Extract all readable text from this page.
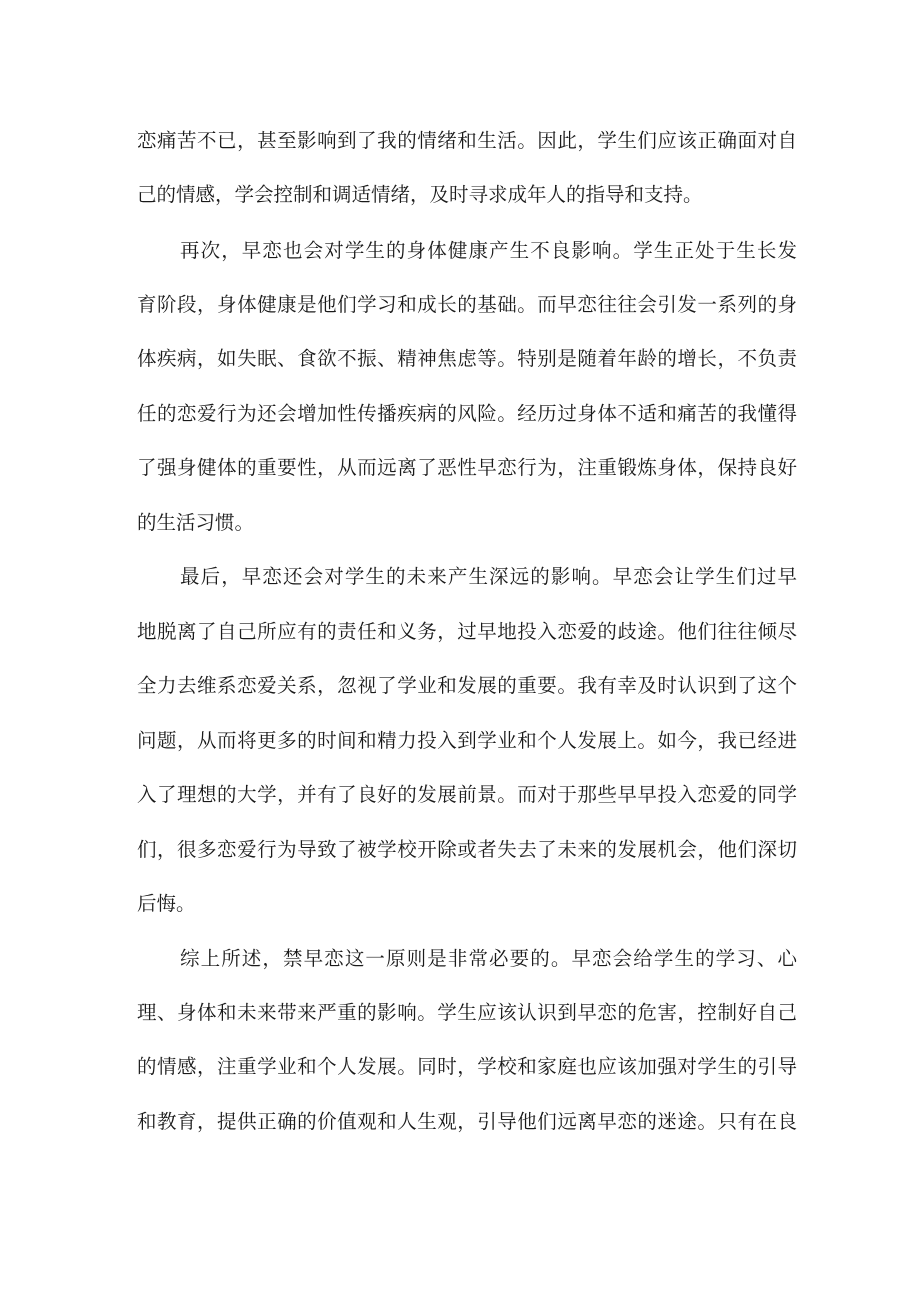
恋痛苦不已，甚至影响到了我的情绪和生活。因此，学生们应该正确面对自
己的情感，学会控制和调适情绪，及时寻求成年人的指导和支持。
再次，早恋也会对学生的身体健康产生不良影响。学生正处于生长发
育阶段，身体健康是他们学习和成长的基础。而早恋往往会引发一系列的身
体疾病，如失眠、食欲不振、精神焦虑等。特别是随着年龄的增长，不负责
任的恋爱行为还会增加性传播疾病的风险。经历过身体不适和痛苦的我懂得
了强身健体的重要性，从而远离了恶性早恋行为，注重锻炼身体，保持良好
的生活习惯。
最后，早恋还会对学生的未来产生深远的影响。早恋会让学生们过早
地脱离了自己所应有的责任和义务，过早地投入恋爱的歧途。他们往往倾尽
全力去维系恋爱关系，忽视了学业和发展的重要。我有幸及时认识到了这个
问题，从而将更多的时间和精力投入到学业和个人发展上。如今，我已经进
入了理想的大学，并有了良好的发展前景。而对于那些早早投入恋爱的同学
们，很多恋爱行为导致了被学校开除或者失去了未来的发展机会，他们深切
后悔。
综上所述，禁早恋这一原则是非常必要的。早恋会给学生的学习、心
理、身体和未来带来严重的影响。学生应该认识到早恋的危害，控制好自己
的情感，注重学业和个人发展。同时，学校和家庭也应该加强对学生的引导
和教育，提供正确的价值观和人生观，引导他们远离早恋的迷途。只有在良
